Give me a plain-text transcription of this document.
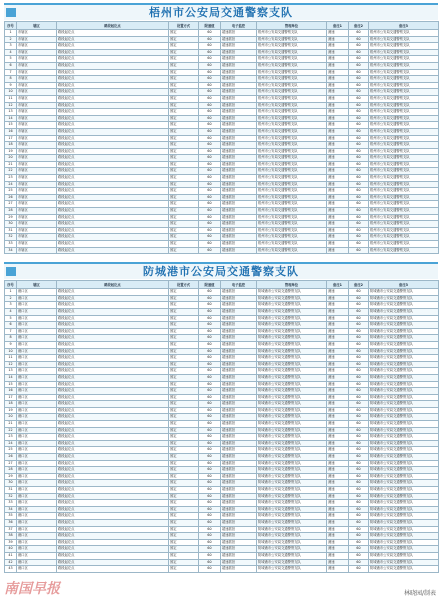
梧州市公安局交通警察支队
序号	辖区	路段起讫点	设置方式	限速值	电子监控	管理单位	备注1	备注2	备注3
1	市辖区	路段起讫点	固定	60	超速抓拍	梧州市公安局交通警察支队	测速	60	梧州市公安局交通警察支队
2	市辖区	路段起讫点	固定	60	超速抓拍	梧州市公安局交通警察支队	测速	60	梧州市公安局交通警察支队
3	市辖区	路段起讫点	固定	60	超速抓拍	梧州市公安局交通警察支队	测速	60	梧州市公安局交通警察支队
4	市辖区	路段起讫点	固定	60	超速抓拍	梧州市公安局交通警察支队	测速	60	梧州市公安局交通警察支队
5	市辖区	路段起讫点	固定	60	超速抓拍	梧州市公安局交通警察支队	测速	60	梧州市公安局交通警察支队
6	市辖区	路段起讫点	固定	60	超速抓拍	梧州市公安局交通警察支队	测速	60	梧州市公安局交通警察支队
7	市辖区	路段起讫点	固定	60	超速抓拍	梧州市公安局交通警察支队	测速	60	梧州市公安局交通警察支队
8	市辖区	路段起讫点	固定	60	超速抓拍	梧州市公安局交通警察支队	测速	60	梧州市公安局交通警察支队
9	市辖区	路段起讫点	固定	60	超速抓拍	梧州市公安局交通警察支队	测速	60	梧州市公安局交通警察支队
10	市辖区	路段起讫点	固定	60	超速抓拍	梧州市公安局交通警察支队	测速	60	梧州市公安局交通警察支队
11	市辖区	路段起讫点	固定	60	超速抓拍	梧州市公安局交通警察支队	测速	60	梧州市公安局交通警察支队
12	市辖区	路段起讫点	固定	60	超速抓拍	梧州市公安局交通警察支队	测速	60	梧州市公安局交通警察支队
13	市辖区	路段起讫点	固定	60	超速抓拍	梧州市公安局交通警察支队	测速	60	梧州市公安局交通警察支队
14	市辖区	路段起讫点	固定	60	超速抓拍	梧州市公安局交通警察支队	测速	60	梧州市公安局交通警察支队
15	市辖区	路段起讫点	固定	60	超速抓拍	梧州市公安局交通警察支队	测速	60	梧州市公安局交通警察支队
16	市辖区	路段起讫点	固定	60	超速抓拍	梧州市公安局交通警察支队	测速	60	梧州市公安局交通警察支队
17	市辖区	路段起讫点	固定	60	超速抓拍	梧州市公安局交通警察支队	测速	60	梧州市公安局交通警察支队
18	市辖区	路段起讫点	固定	60	超速抓拍	梧州市公安局交通警察支队	测速	60	梧州市公安局交通警察支队
19	市辖区	路段起讫点	固定	60	超速抓拍	梧州市公安局交通警察支队	测速	60	梧州市公安局交通警察支队
20	市辖区	路段起讫点	固定	60	超速抓拍	梧州市公安局交通警察支队	测速	60	梧州市公安局交通警察支队
21	市辖区	路段起讫点	固定	60	超速抓拍	梧州市公安局交通警察支队	测速	60	梧州市公安局交通警察支队
22	市辖区	路段起讫点	固定	60	超速抓拍	梧州市公安局交通警察支队	测速	60	梧州市公安局交通警察支队
23	市辖区	路段起讫点	固定	60	超速抓拍	梧州市公安局交通警察支队	测速	60	梧州市公安局交通警察支队
24	市辖区	路段起讫点	固定	60	超速抓拍	梧州市公安局交通警察支队	测速	60	梧州市公安局交通警察支队
25	市辖区	路段起讫点	固定	60	超速抓拍	梧州市公安局交通警察支队	测速	60	梧州市公安局交通警察支队
26	市辖区	路段起讫点	固定	60	超速抓拍	梧州市公安局交通警察支队	测速	60	梧州市公安局交通警察支队
27	市辖区	路段起讫点	固定	60	超速抓拍	梧州市公安局交通警察支队	测速	60	梧州市公安局交通警察支队
28	市辖区	路段起讫点	固定	60	超速抓拍	梧州市公安局交通警察支队	测速	60	梧州市公安局交通警察支队
29	市辖区	路段起讫点	固定	60	超速抓拍	梧州市公安局交通警察支队	测速	60	梧州市公安局交通警察支队
30	市辖区	路段起讫点	固定	60	超速抓拍	梧州市公安局交通警察支队	测速	60	梧州市公安局交通警察支队
31	市辖区	路段起讫点	固定	60	超速抓拍	梧州市公安局交通警察支队	测速	60	梧州市公安局交通警察支队
32	市辖区	路段起讫点	固定	60	超速抓拍	梧州市公安局交通警察支队	测速	60	梧州市公安局交通警察支队
33	市辖区	路段起讫点	固定	60	超速抓拍	梧州市公安局交通警察支队	测速	60	梧州市公安局交通警察支队
34	市辖区	路段起讫点	固定	60	超速抓拍	梧州市公安局交通警察支队	测速	60	梧州市公安局交通警察支队
防城港市公安局交通警察支队
序号	辖区	路段起讫点	设置方式	限速值	电子监控	管理单位	备注1	备注2	备注3
1	港口区	路段起讫点	固定	60	超速抓拍	防城港市公安局交通警察支队	测速	60	防城港市公安局交通警察支队
2	港口区	路段起讫点	固定	60	超速抓拍	防城港市公安局交通警察支队	测速	60	防城港市公安局交通警察支队
3	港口区	路段起讫点	固定	60	超速抓拍	防城港市公安局交通警察支队	测速	60	防城港市公安局交通警察支队
4	港口区	路段起讫点	固定	60	超速抓拍	防城港市公安局交通警察支队	测速	60	防城港市公安局交通警察支队
5	港口区	路段起讫点	固定	60	超速抓拍	防城港市公安局交通警察支队	测速	60	防城港市公安局交通警察支队
6	港口区	路段起讫点	固定	60	超速抓拍	防城港市公安局交通警察支队	测速	60	防城港市公安局交通警察支队
7	港口区	路段起讫点	固定	60	超速抓拍	防城港市公安局交通警察支队	测速	60	防城港市公安局交通警察支队
8	港口区	路段起讫点	固定	60	超速抓拍	防城港市公安局交通警察支队	测速	60	防城港市公安局交通警察支队
9	港口区	路段起讫点	固定	60	超速抓拍	防城港市公安局交通警察支队	测速	60	防城港市公安局交通警察支队
10	港口区	路段起讫点	固定	60	超速抓拍	防城港市公安局交通警察支队	测速	60	防城港市公安局交通警察支队
11	港口区	路段起讫点	固定	60	超速抓拍	防城港市公安局交通警察支队	测速	60	防城港市公安局交通警察支队
12	港口区	路段起讫点	固定	60	超速抓拍	防城港市公安局交通警察支队	测速	60	防城港市公安局交通警察支队
13	港口区	路段起讫点	固定	60	超速抓拍	防城港市公安局交通警察支队	测速	60	防城港市公安局交通警察支队
14	港口区	路段起讫点	固定	60	超速抓拍	防城港市公安局交通警察支队	测速	60	防城港市公安局交通警察支队
15	港口区	路段起讫点	固定	60	超速抓拍	防城港市公安局交通警察支队	测速	60	防城港市公安局交通警察支队
16	港口区	路段起讫点	固定	60	超速抓拍	防城港市公安局交通警察支队	测速	60	防城港市公安局交通警察支队
17	港口区	路段起讫点	固定	60	超速抓拍	防城港市公安局交通警察支队	测速	60	防城港市公安局交通警察支队
18	港口区	路段起讫点	固定	60	超速抓拍	防城港市公安局交通警察支队	测速	60	防城港市公安局交通警察支队
19	港口区	路段起讫点	固定	60	超速抓拍	防城港市公安局交通警察支队	测速	60	防城港市公安局交通警察支队
20	港口区	路段起讫点	固定	60	超速抓拍	防城港市公安局交通警察支队	测速	60	防城港市公安局交通警察支队
21	港口区	路段起讫点	固定	60	超速抓拍	防城港市公安局交通警察支队	测速	60	防城港市公安局交通警察支队
22	港口区	路段起讫点	固定	60	超速抓拍	防城港市公安局交通警察支队	测速	60	防城港市公安局交通警察支队
23	港口区	路段起讫点	固定	60	超速抓拍	防城港市公安局交通警察支队	测速	60	防城港市公安局交通警察支队
24	港口区	路段起讫点	固定	60	超速抓拍	防城港市公安局交通警察支队	测速	60	防城港市公安局交通警察支队
25	港口区	路段起讫点	固定	60	超速抓拍	防城港市公安局交通警察支队	测速	60	防城港市公安局交通警察支队
26	港口区	路段起讫点	固定	60	超速抓拍	防城港市公安局交通警察支队	测速	60	防城港市公安局交通警察支队
27	港口区	路段起讫点	固定	60	超速抓拍	防城港市公安局交通警察支队	测速	60	防城港市公安局交通警察支队
28	港口区	路段起讫点	固定	60	超速抓拍	防城港市公安局交通警察支队	测速	60	防城港市公安局交通警察支队
29	港口区	路段起讫点	固定	60	超速抓拍	防城港市公安局交通警察支队	测速	60	防城港市公安局交通警察支队
30	港口区	路段起讫点	固定	60	超速抓拍	防城港市公安局交通警察支队	测速	60	防城港市公安局交通警察支队
31	港口区	路段起讫点	固定	60	超速抓拍	防城港市公安局交通警察支队	测速	60	防城港市公安局交通警察支队
32	港口区	路段起讫点	固定	60	超速抓拍	防城港市公安局交通警察支队	测速	60	防城港市公安局交通警察支队
33	港口区	路段起讫点	固定	60	超速抓拍	防城港市公安局交通警察支队	测速	60	防城港市公安局交通警察支队
34	港口区	路段起讫点	固定	60	超速抓拍	防城港市公安局交通警察支队	测速	60	防城港市公安局交通警察支队
35	港口区	路段起讫点	固定	60	超速抓拍	防城港市公安局交通警察支队	测速	60	防城港市公安局交通警察支队
36	港口区	路段起讫点	固定	60	超速抓拍	防城港市公安局交通警察支队	测速	60	防城港市公安局交通警察支队
37	港口区	路段起讫点	固定	60	超速抓拍	防城港市公安局交通警察支队	测速	60	防城港市公安局交通警察支队
38	港口区	路段起讫点	固定	60	超速抓拍	防城港市公安局交通警察支队	测速	60	防城港市公安局交通警察支队
39	港口区	路段起讫点	固定	60	超速抓拍	防城港市公安局交通警察支队	测速	60	防城港市公安局交通警察支队
40	港口区	路段起讫点	固定	60	超速抓拍	防城港市公安局交通警察支队	测速	60	防城港市公安局交通警察支队
41	港口区	路段起讫点	固定	60	超速抓拍	防城港市公安局交通警察支队	测速	60	防城港市公安局交通警察支队
42	港口区	路段起讫点	固定	60	超速抓拍	防城港市公安局交通警察支队	测速	60	防城港市公安局交通警察支队
43	港口区	路段起讫点	固定	60	超速抓拍	防城港市公安局交通警察支队	测速	60	防城港市公安局交通警察支队
南国早报	林晓园/制表
